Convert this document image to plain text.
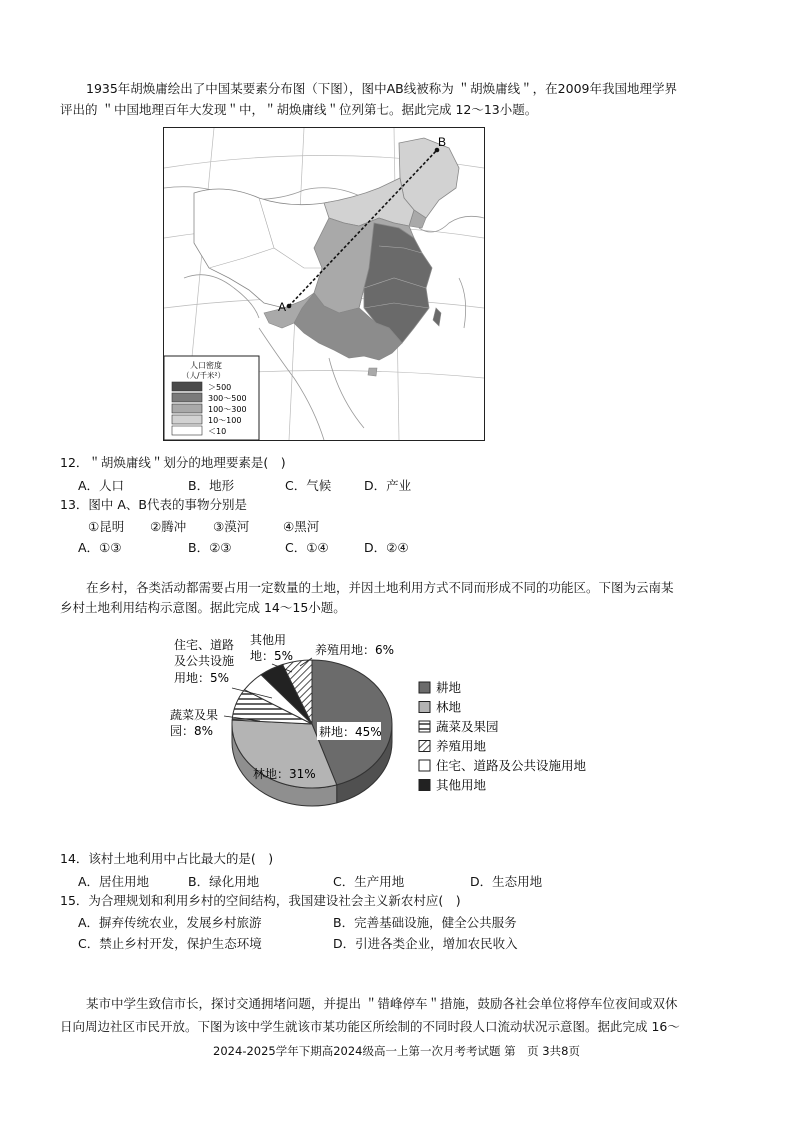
1935年胡焕庸绘出了中国某要素分布图（下图），图中AB线被称为 ＂胡焕庸线＂，在2009年我国地理学界
评出的 ＂中国地理百年大发现＂中，＂胡焕庸线＂位列第七。据此完成 12～13小题。
A
B
人口密度
（人/千米²）
＞500
300～500
100～300
10～100
＜10
12．＂胡焕庸线＂划分的地理要素是(　)
A．人口	B．地形	C．气候	D．产业
13．图中 A、B代表的事物分别是
①昆明 ②腾冲 ③漠河	④黑河
A．①③	B．②③	C．①④	D．②④
在乡村，各类活动都需要占用一定数量的土地，并因土地利用方式不同而形成不同的功能区。下图为云南某
乡村土地利用结构示意图。据此完成 14～15小题。
耕地：45%
林地：31%
蔬菜及果
园：8%
住宅、道路
及公共设施
用地：5%
其他用
地：5% 养殖用地：6%
耕地
林地
蔬菜及果园
养殖用地
住宅、道路及公共设施用地
其他用地
14．该村土地利用中占比最大的是(　)
A．居住用地	B．绿化用地	C．生产用地	D．生态用地
15．为合理规划和利用乡村的空间结构，我国建设社会主义新农村应(　)
A．摒弃传统农业，发展乡村旅游	B．完善基础设施，健全公共服务
C．禁止乡村开发，保护生态环境	D．引进各类企业，增加农民收入
某市中学生致信市长，探讨交通拥堵问题，并提出 ＂错峰停车＂措施，鼓励各社会单位将停车位夜间或双休
日向周边社区市民开放。下图为该中学生就该市某功能区所绘制的不同时段人口流动状况示意图。据此完成 16～
2024-2025学年下期高2024级高一上第一次月考考试题 第　页 3共8页
